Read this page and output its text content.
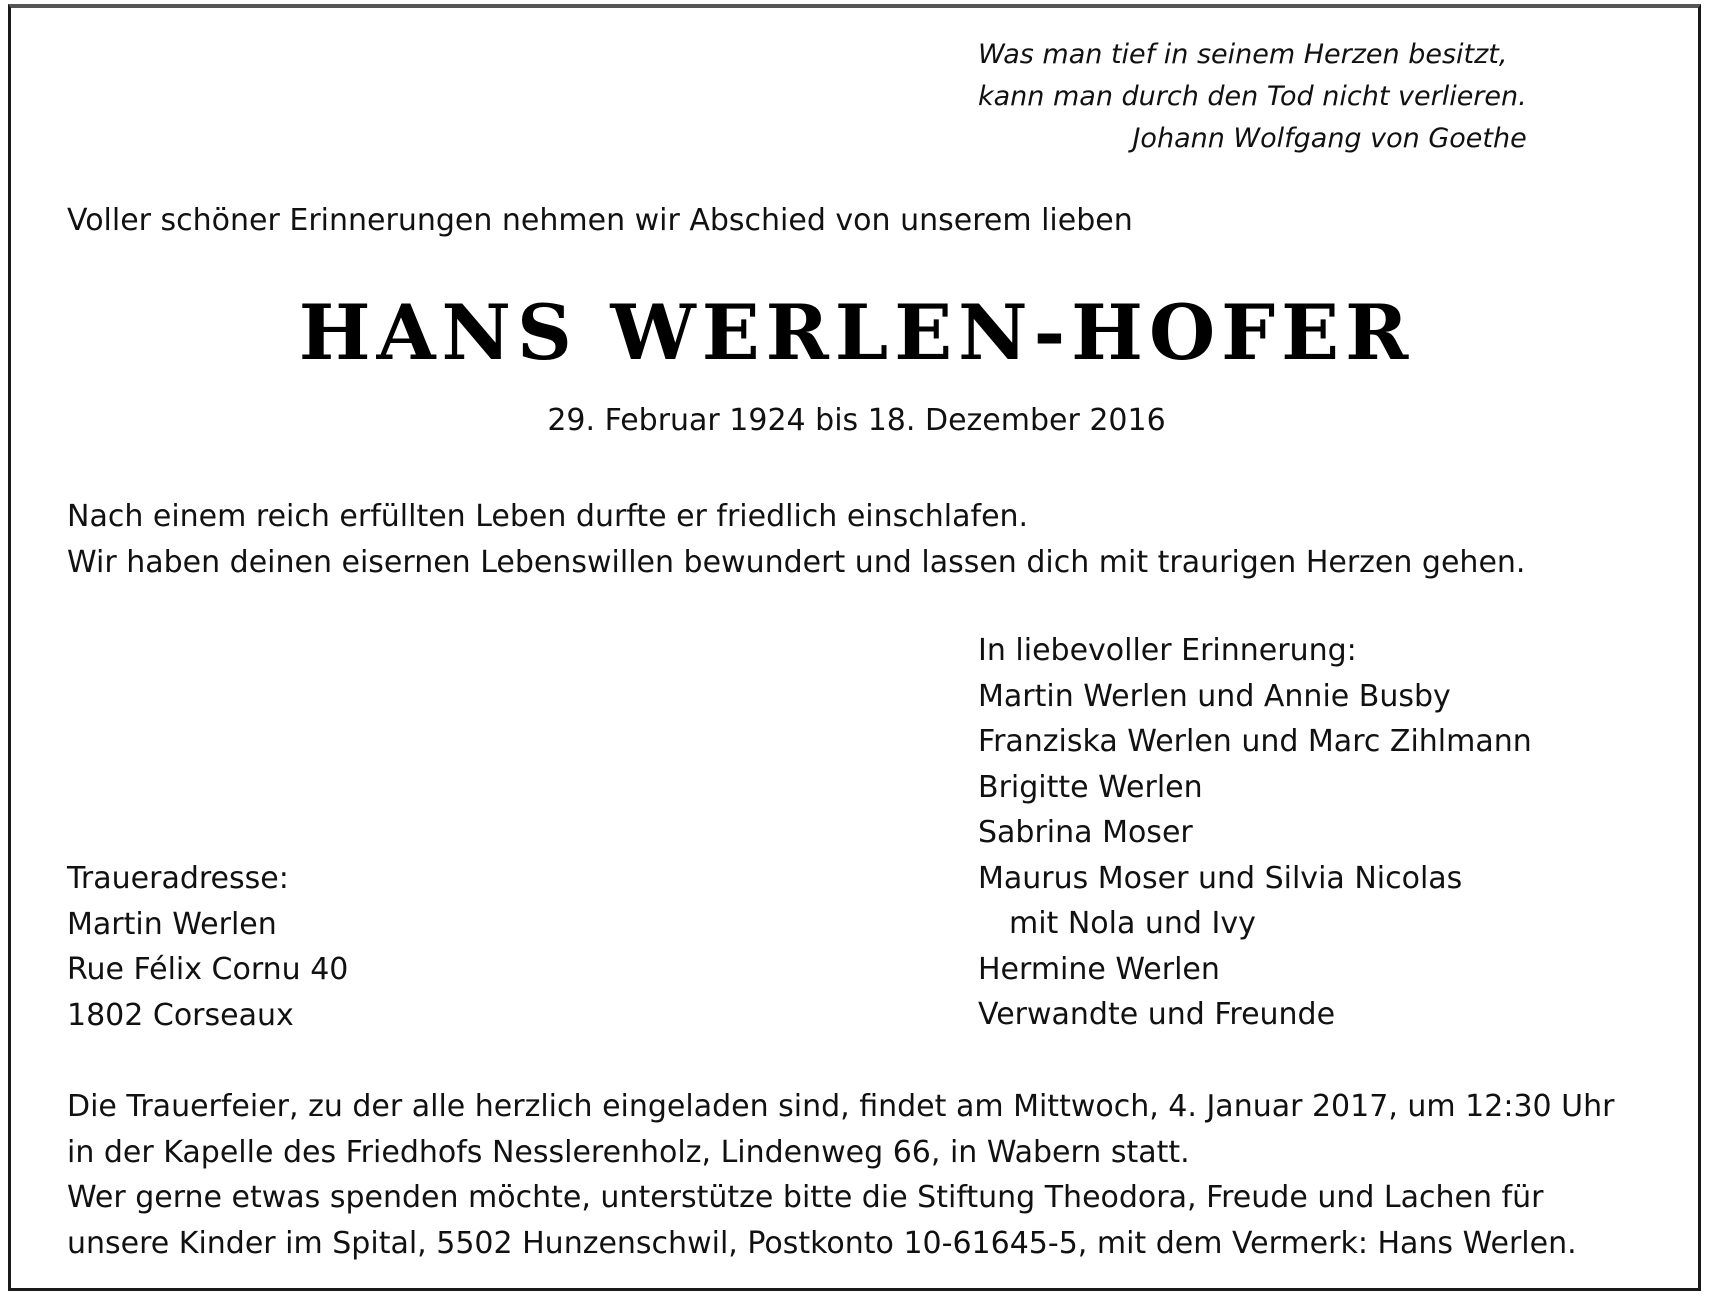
Was man tief in seinem Herzen besitzt,
kann man durch den Tod nicht verlieren.
Johann Wolfgang von Goethe
Voller schöner Erinnerungen nehmen wir Abschied von unserem lieben
HANS WERLEN-HOFER
29. Februar 1924 bis 18. Dezember 2016
Nach einem reich erfüllten Leben durfte er friedlich einschlafen.
Wir haben deinen eisernen Lebenswillen bewundert und lassen dich mit traurigen Herzen gehen.
In liebevoller Erinnerung:
Martin Werlen und Annie Busby
Franziska Werlen und Marc Zihlmann
Brigitte Werlen
Sabrina Moser
Maurus Moser und Silvia Nicolas
mit Nola und Ivy
Hermine Werlen
Verwandte und Freunde
Traueradresse:
Martin Werlen
Rue Félix Cornu 40
1802 Corseaux
Die Trauerfeier, zu der alle herzlich eingeladen sind, findet am Mittwoch, 4. Januar 2017, um 12:30 Uhr
in der Kapelle des Friedhofs Nesslerenholz, Lindenweg 66, in Wabern statt.
Wer gerne etwas spenden möchte, unterstütze bitte die Stiftung Theodora, Freude und Lachen für
unsere Kinder im Spital, 5502 Hunzenschwil, Postkonto 10-61645-5, mit dem Vermerk: Hans Werlen.
